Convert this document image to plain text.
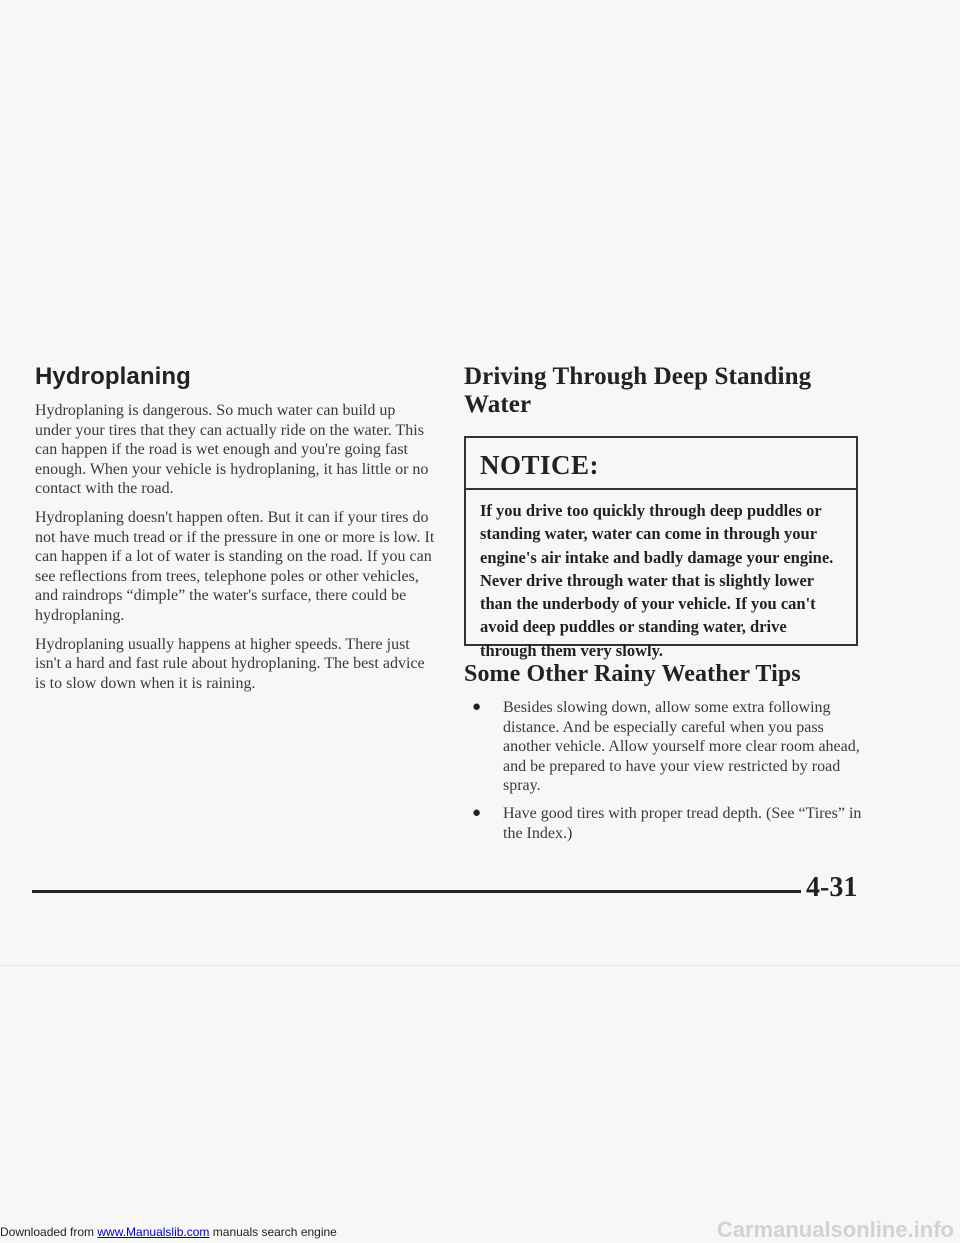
Hydroplaning

Hydroplaning is dangerous. So much water can build up under your tires that they can actually ride on the water. This can happen if the road is wet enough and you're going fast enough. When your vehicle is hydroplaning, it has little or no contact with the road.

Hydroplaning doesn't happen often. But it can if your tires do not have much tread or if the pressure in one or more is low. It can happen if a lot of water is standing on the road. If you can see reflections from trees, telephone poles or other vehicles, and raindrops “dimple” the water's surface, there could be hydroplaning.

Hydroplaning usually happens at higher speeds. There just isn't a hard and fast rule about hydroplaning. The best advice is to slow down when it is raining.

Driving Through Deep Standing Water
NOTICE:
If you drive too quickly through deep puddles or standing water, water can come in through your engine's air intake and badly damage your engine. Never drive through water that is slightly lower than the underbody of your vehicle. If you can't avoid deep puddles or standing water, drive through them very slowly.
Some Other Rainy Weather Tips
● Besides slowing down, allow some extra following distance. And be especially careful when you pass another vehicle. Allow yourself more clear room ahead, and be prepared to have your view restricted by road spray.
● Have good tires with proper tread depth. (See “Tires” in the Index.)
4-31
Downloaded from www.Manualslib.com manuals search engine	Carmanualsonline.info
